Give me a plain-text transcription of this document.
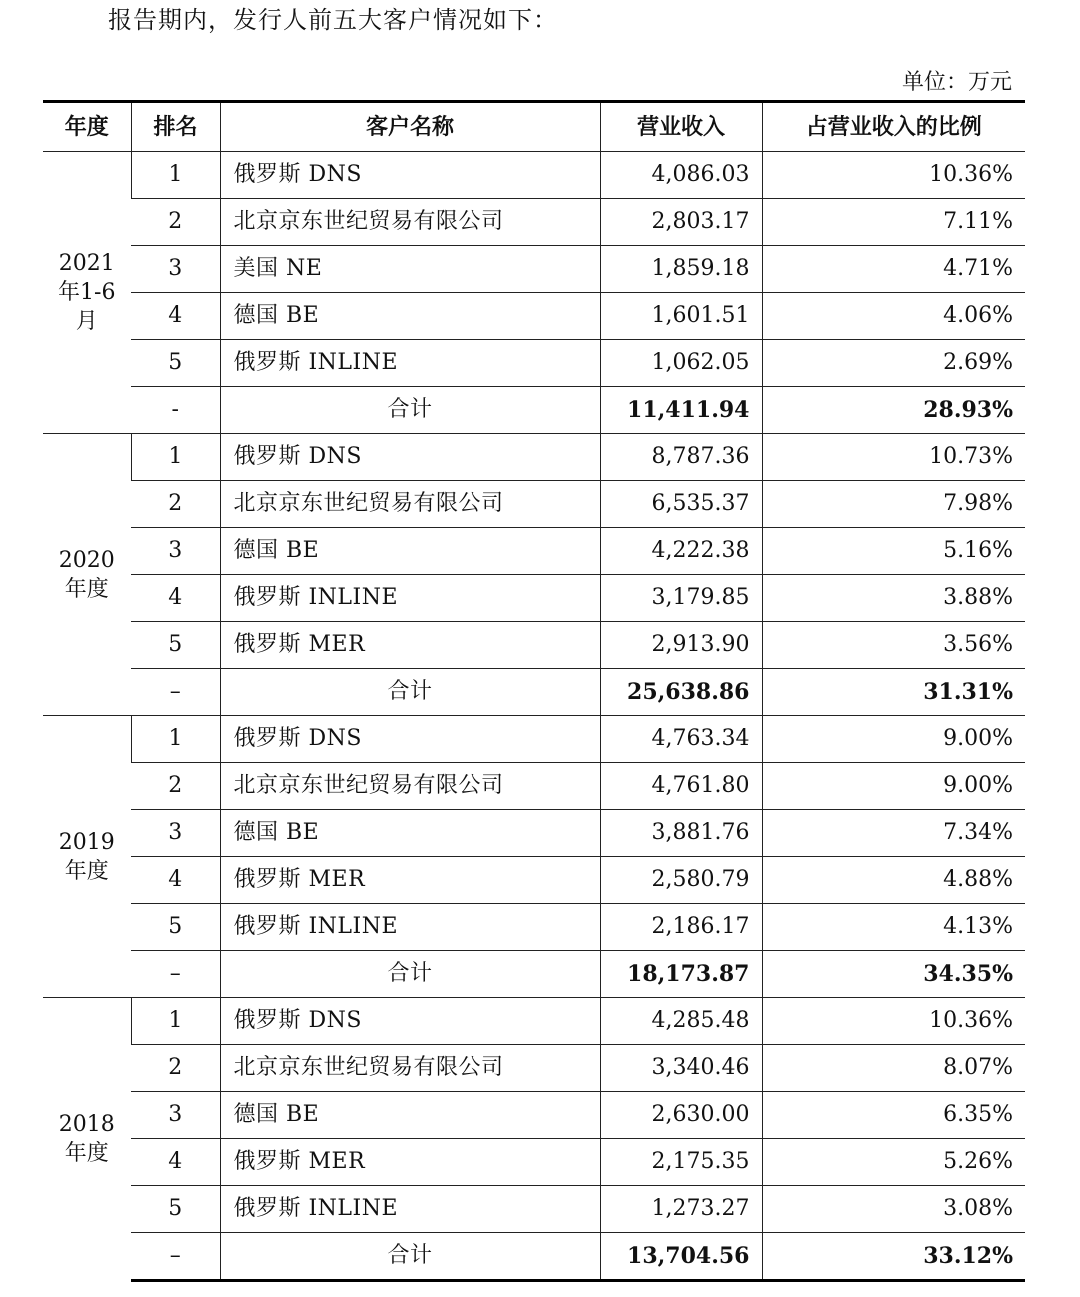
报告期内，发行人前五大客户情况如下：
单位：万元
年度	排名	客户名称	营业收入	占营业收入的比例

2021
年1-6
月	1	俄罗斯 DNS	4,086.03	10.36%
	2	北京京东世纪贸易有限公司	2,803.17	7.11%
	3	美国 NE	1,859.18	4.71%
	4	德国 BE	1,601.51	4.06%
	5	俄罗斯 INLINE	1,062.05	2.69%
	-	合计	11,411.94	28.93%

2020
年度	1	俄罗斯 DNS	8,787.36	10.73%
	2	北京京东世纪贸易有限公司	6,535.37	7.98%
	3	德国 BE	4,222.38	5.16%
	4	俄罗斯 INLINE	3,179.85	3.88%
	5	俄罗斯 MER	2,913.90	3.56%
	–	合计	25,638.86	31.31%

2019
年度	1	俄罗斯 DNS	4,763.34	9.00%
	2	北京京东世纪贸易有限公司	4,761.80	9.00%
	3	德国 BE	3,881.76	7.34%
	4	俄罗斯 MER	2,580.79	4.88%
	5	俄罗斯 INLINE	2,186.17	4.13%
	–	合计	18,173.87	34.35%

2018
年度	1	俄罗斯 DNS	4,285.48	10.36%
	2	北京京东世纪贸易有限公司	3,340.46	8.07%
	3	德国 BE	2,630.00	6.35%
	4	俄罗斯 MER	2,175.35	5.26%
	5	俄罗斯 INLINE	1,273.27	3.08%
	–	合计	13,704.56	33.12%
